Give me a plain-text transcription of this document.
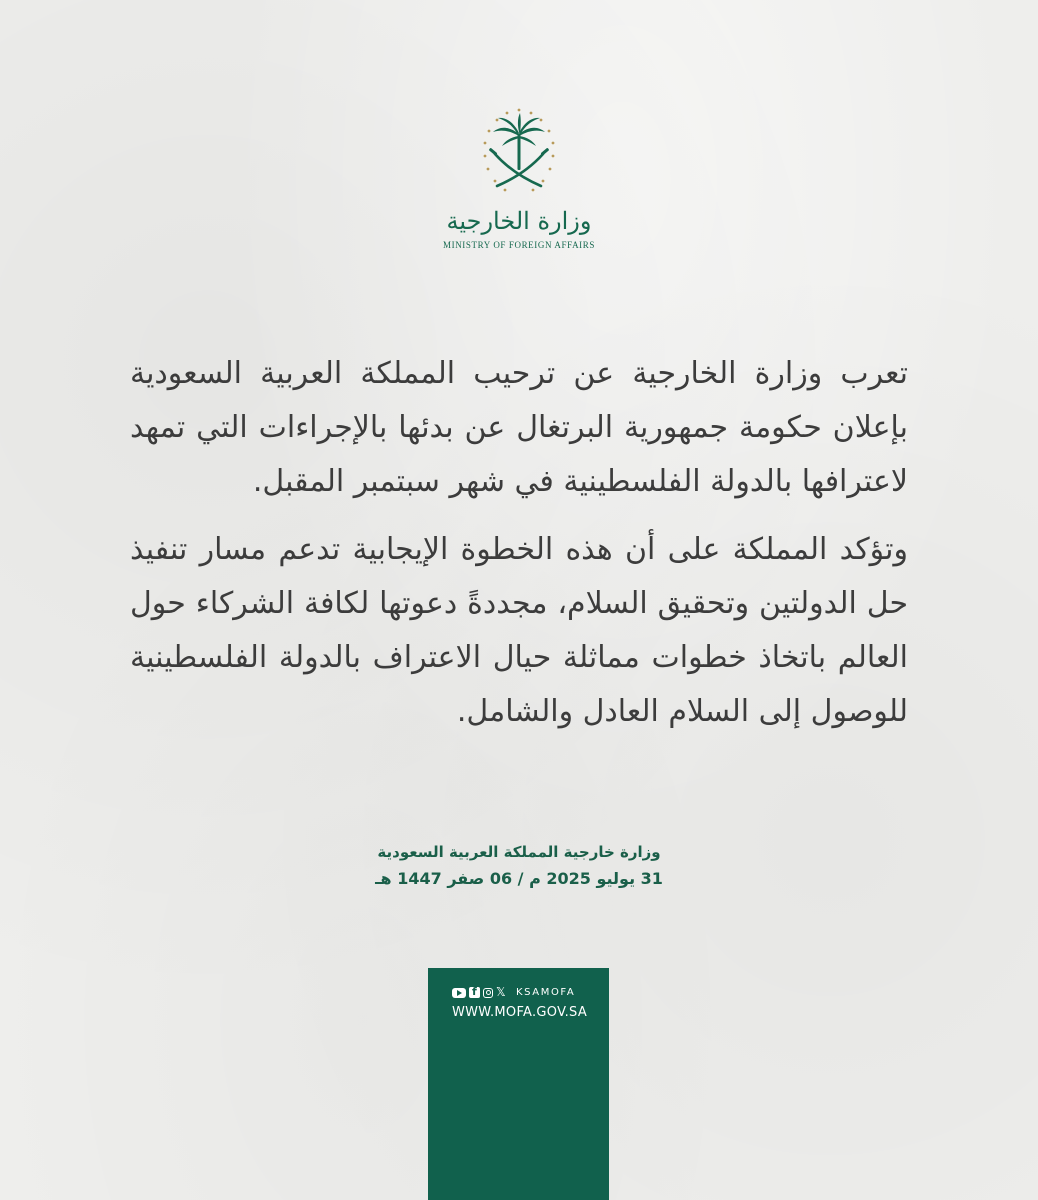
وزارة الخارجية
MINISTRY OF FOREIGN AFFAIRS

تعرب وزارة الخارجية عن ترحيب المملكة العربية السعودية بإعلان حكومة جمهورية البرتغال عن بدئها بالإجراءات التي تمهد لاعترافها بالدولة الفلسطينية في شهر سبتمبر المقبل.

وتؤكد المملكة على أن هذه الخطوة الإيجابية تدعم مسار تنفيذ حل الدولتين وتحقيق السلام، مجددةً دعوتها لكافة الشركاء حول العالم باتخاذ خطوات مماثلة حيال الاعتراف بالدولة الفلسطينية للوصول إلى السلام العادل والشامل.

وزارة خارجية المملكة العربية السعودية
31 يوليو 2025 م / 06 صفر 1447 هـ
f
𝕏 KSAMOFA
WWW.MOFA.GOV.SA
